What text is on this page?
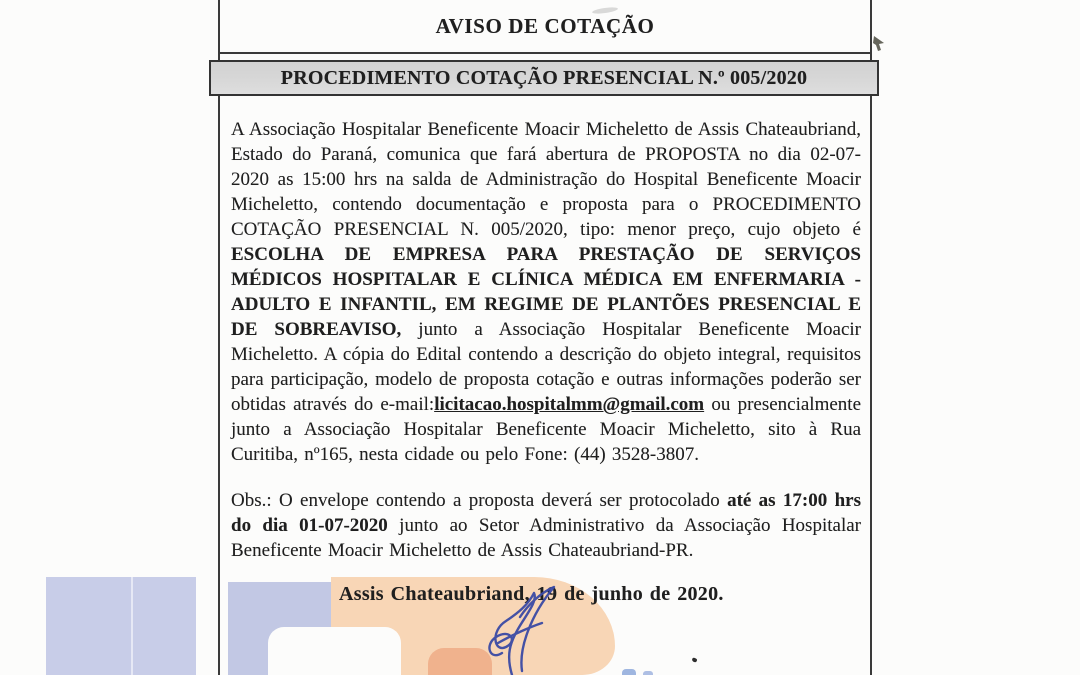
AVISO DE COTAÇÃO
PROCEDIMENTO COTAÇÃO PRESENCIAL N.º 005/2020

A Associação Hospitalar Beneficente Moacir Micheletto de Assis Chateaubriand, Estado do Paraná, comunica que fará abertura de PROPOSTA no dia 02-07-2020 as 15:00 hrs na salda de Administração do Hospital Beneficente Moacir Micheletto, contendo documentação e proposta para o PROCEDIMENTO COTAÇÃO PRESENCIAL N. 005/2020, tipo: menor preço, cujo objeto é ESCOLHA DE EMPRESA PARA PRESTAÇÃO DE SERVIÇOS MÉDICOS HOSPITALAR E CLÍNICA MÉDICA EM ENFERMARIA - ADULTO E INFANTIL, EM REGIME DE PLANTÕES PRESENCIAL E DE SOBREAVISO, junto a Associação Hospitalar Beneficente Moacir Micheletto. A cópia do Edital contendo a descrição do objeto integral, requisitos para participação, modelo de proposta cotação e outras informações poderão ser obtidas através do e-mail:licitacao.hospitalmm@gmail.com ou presencialmente junto a Associação Hospitalar Beneficente Moacir Micheletto, sito à Rua Curitiba, nº165, nesta cidade ou pelo Fone: (44) 3528-3807.

Obs.: O envelope contendo a proposta deverá ser protocolado até as 17:00 hrs do dia 01-07-2020 junto ao Setor Administrativo da Associação Hospitalar Beneficente Moacir Micheletto de Assis Chateaubriand-PR.

Assis Chateaubriand, 19 de junho de 2020.
